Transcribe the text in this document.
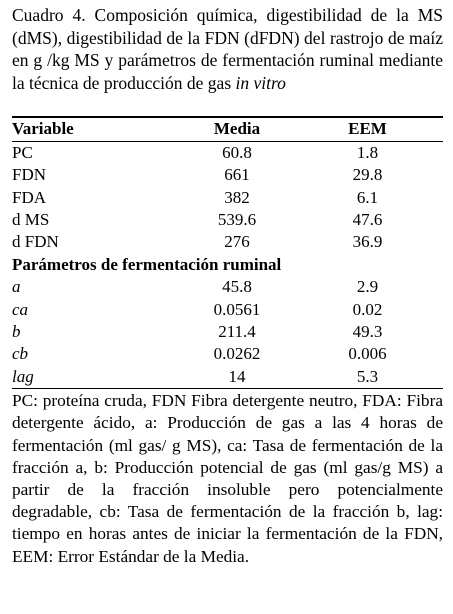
Cuadro 4. Composición química, digestibilidad de la MS (dMS), digestibilidad de la FDN (dFDN) del rastrojo de maíz en g /kg MS y parámetros de fermentación ruminal mediante la técnica de producción de gas in vitro

Variable	Media	EEM
PC	60.8	1.8
FDN	661	29.8
FDA	382	6.1
d MS	539.6	47.6
d FDN	276	36.9
Parámetros de fermentación ruminal		
a	45.8	2.9
ca	0.0561	0.02
b	211.4	49.3
cb	0.0262	0.006
lag	14	5.3

PC: proteína cruda, FDN Fibra detergente neutro, FDA: Fibra detergente ácido, a: Producción de gas a las 4 horas de fermentación (ml gas/ g MS), ca: Tasa de fermentación de la fracción a, b: Producción potencial de gas (ml gas/g MS) a partir de la fracción insoluble pero potencialmente degradable, cb: Tasa de fermentación de la fracción b, lag: tiempo en horas antes de iniciar la fermentación de la FDN, EEM: Error Estándar de la Media.
